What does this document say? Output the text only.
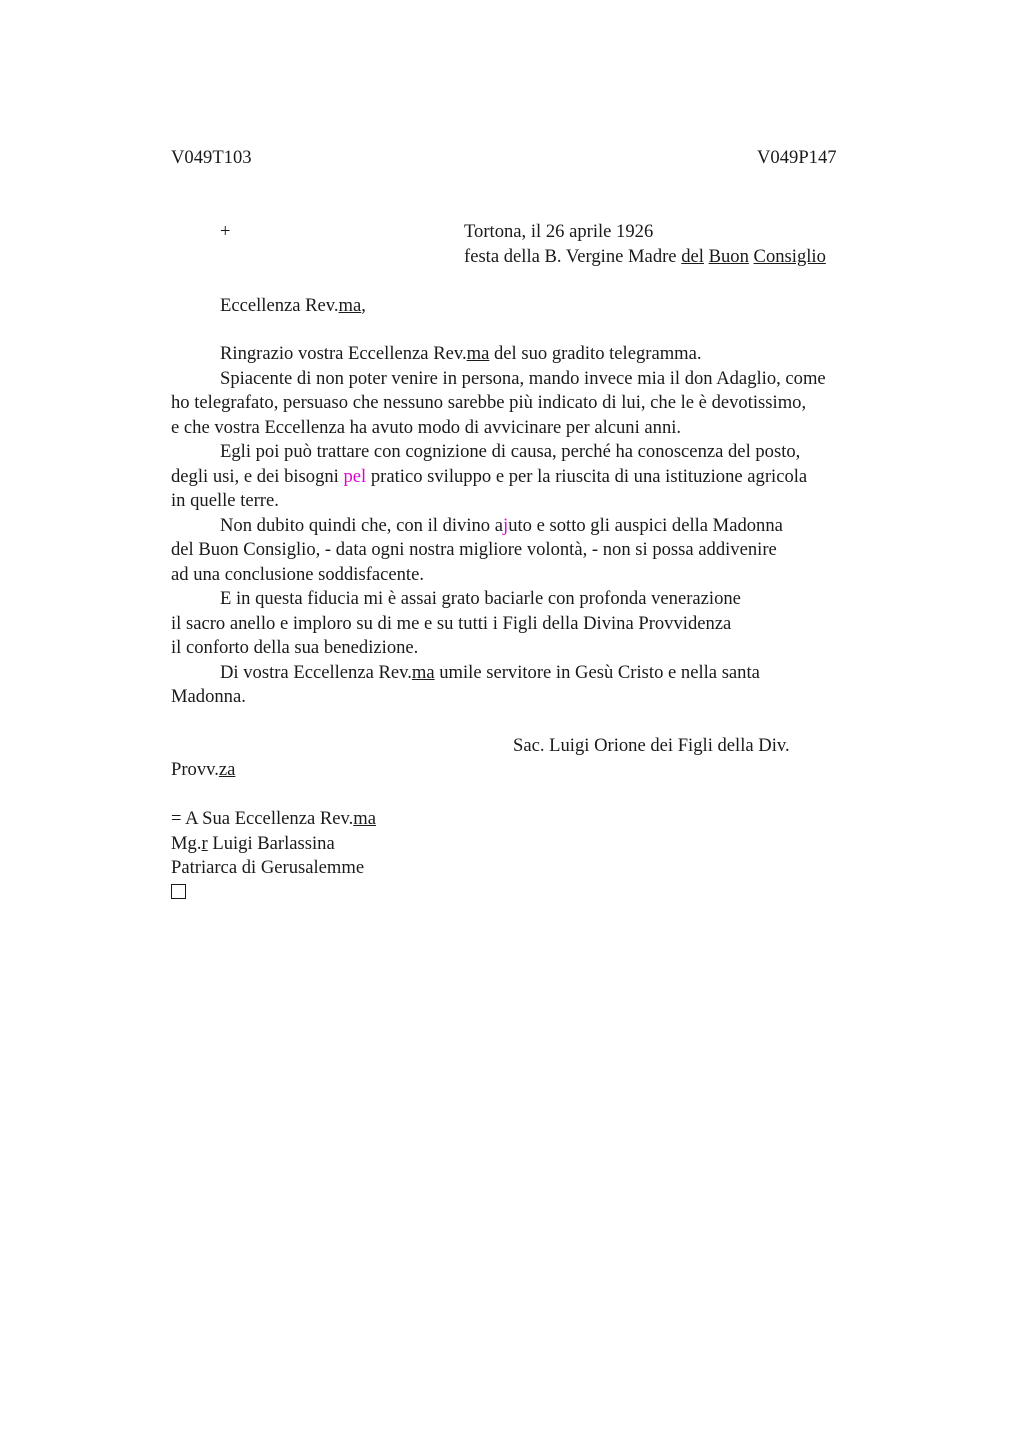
V049T103	V049P147
+	Tortona, il 26 aprile 1926
festa della B. Vergine Madre del Buon Consiglio
Eccellenza Rev.ma,
Ringrazio vostra Eccellenza Rev.ma del suo gradito telegramma.
Spiacente di non poter venire in persona, mando invece mia il don Adaglio, come
ho telegrafato, persuaso che nessuno sarebbe più indicato di lui, che le è devotissimo,
e che vostra Eccellenza ha avuto modo di avvicinare per alcuni anni.
Egli poi può trattare con cognizione di causa, perché ha conoscenza del posto,
degli usi, e dei bisogni pel pratico sviluppo e per la riuscita di una istituzione agricola
in quelle terre.
Non dubito quindi che, con il divino ajuto e sotto gli auspici della Madonna
del Buon Consiglio, - data ogni nostra migliore volontà, - non si possa addivenire
ad una conclusione soddisfacente.
E in questa fiducia mi è assai grato baciarle con profonda venerazione
il sacro anello e imploro su di me e su tutti i Figli della Divina Provvidenza
il conforto della sua benedizione.
Di vostra Eccellenza Rev.ma umile servitore in Gesù Cristo e nella santa
Madonna.
Sac. Luigi Orione dei Figli della Div.
Provv.za
= A Sua Eccellenza Rev.ma
Mg.r Luigi Barlassina
Patriarca di Gerusalemme
